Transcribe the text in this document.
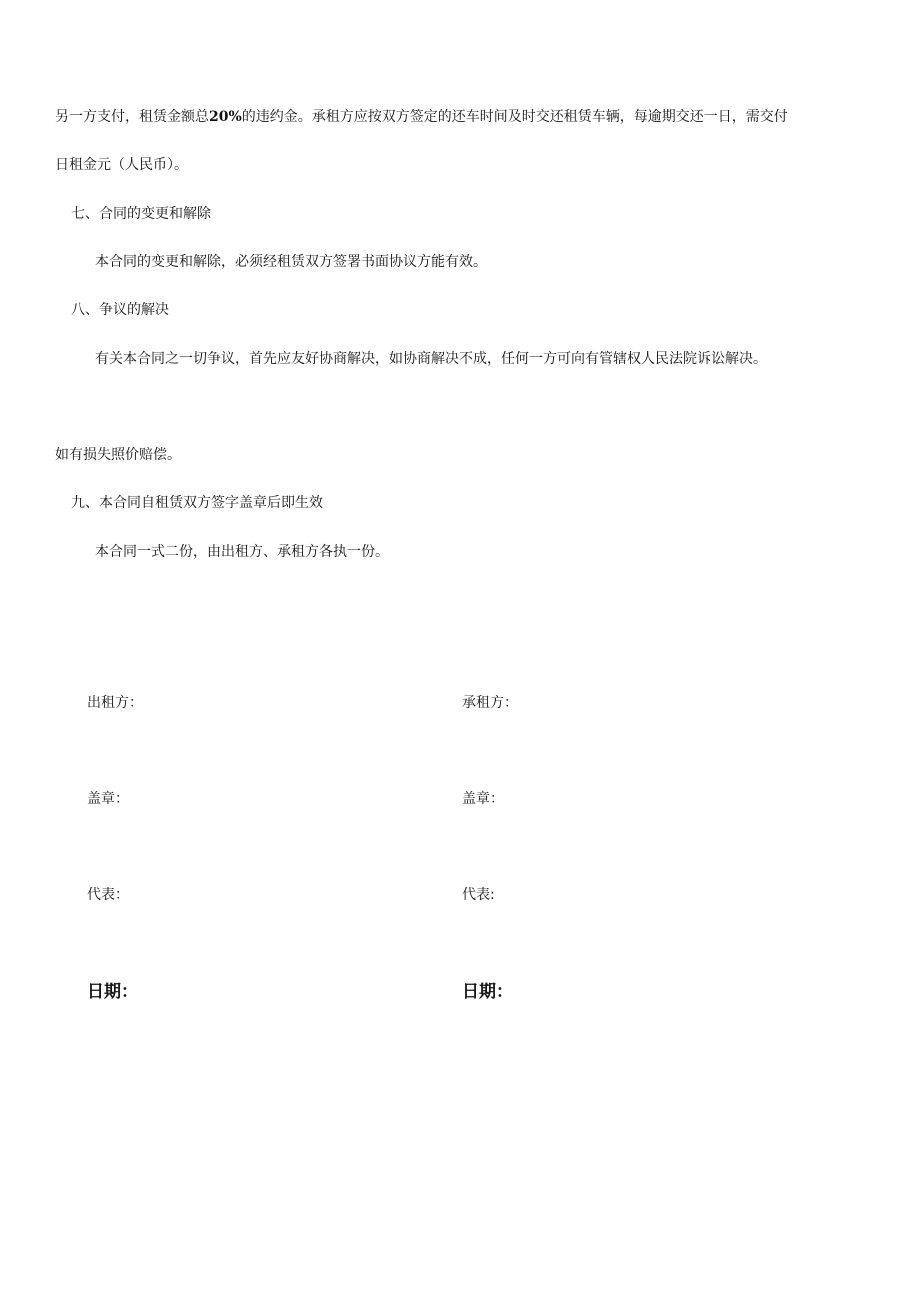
另一方支付，租赁金额总20%的违约金。承租方应按双方签定的还车时间及时交还租赁车辆，每逾期交还一日，需交付
日租金元（人民币）。
七、合同的变更和解除
本合同的变更和解除，必须经租赁双方签署书面协议方能有效。
八、争议的解决
有关本合同之一切争议，首先应友好协商解决，如协商解决不成，任何一方可向有管辖权人民法院诉讼解决。
如有损失照价赔偿。
九、本合同自租赁双方签字盖章后即生效
本合同一式二份，由出租方、承租方各执一份。
出租方：	承租方：
盖章：	盖章：
代表：	代表:
日期：	日期：
